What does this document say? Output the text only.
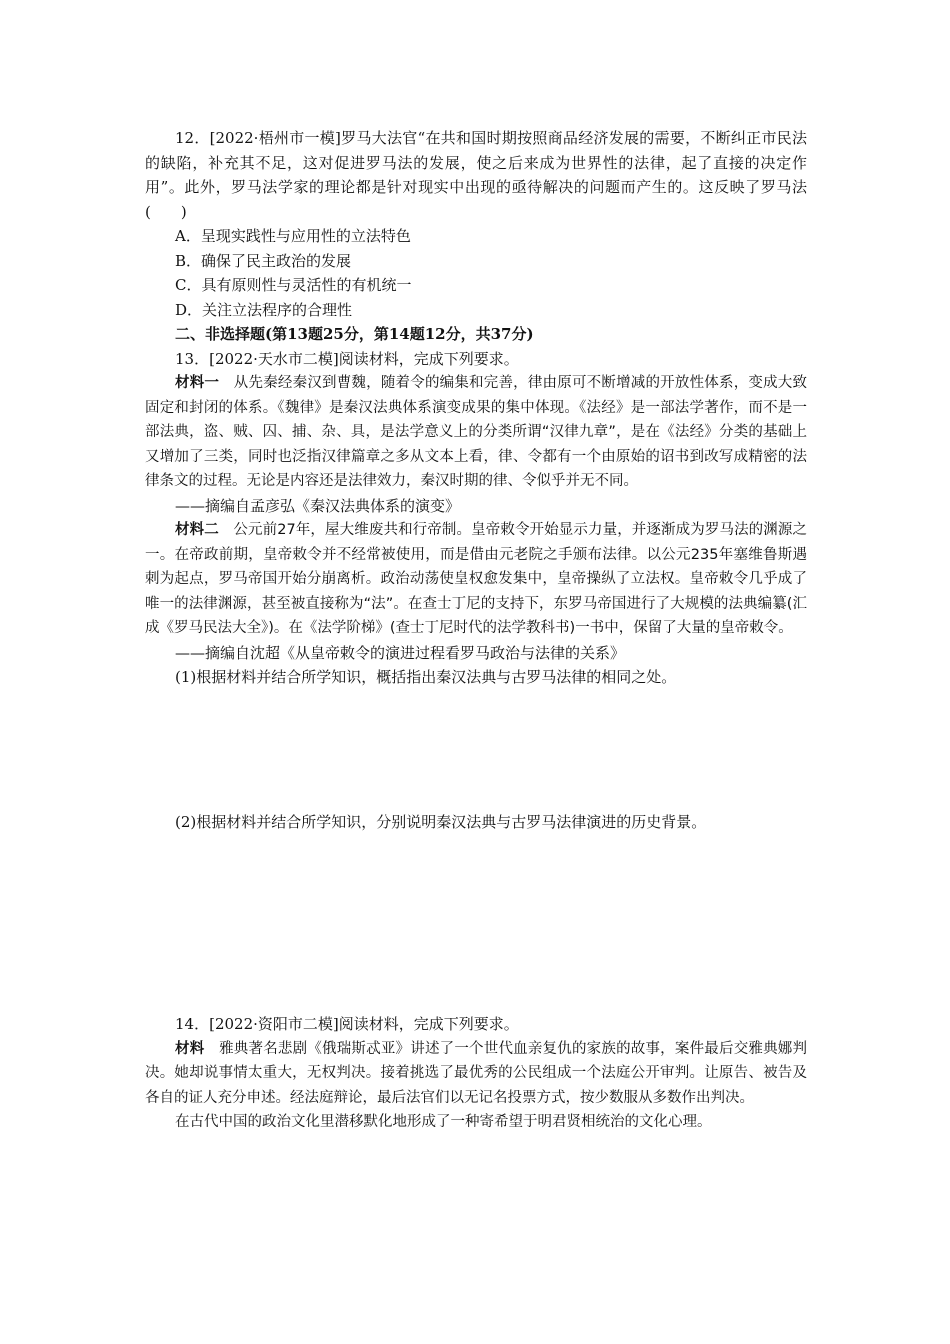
12．[2022·梧州市一模]罗马大法官“在共和国时期按照商品经济发展的需要，不断纠正市民法的缺陷，补充其不足，这对促进罗马法的发展，使之后来成为世界性的法律，起了直接的决定作用”。此外，罗马法学家的理论都是针对现实中出现的亟待解决的问题而产生的。这反映了罗马法(　　)

A．呈现实践性与应用性的立法特色

B．确保了民主政治的发展

C．具有原则性与灵活性的有机统一

D．关注立法程序的合理性

二、非选择题(第13题25分，第14题12分，共37分)

13．[2022·天水市二模]阅读材料，完成下列要求。

材料一　从先秦经秦汉到曹魏，随着令的编集和完善，律由原可不断增减的开放性体系，变成大致固定和封闭的体系。《魏律》是秦汉法典体系演变成果的集中体现。《法经》是一部法学著作，而不是一部法典，盗、贼、囚、捕、杂、具，是法学意义上的分类所谓“汉律九章”，是在《法经》分类的基础上又增加了三类，同时也泛指汉律篇章之多从文本上看，律、令都有一个由原始的诏书到改写成精密的法律条文的过程。无论是内容还是法律效力，秦汉时期的律、令似乎并无不同。

——摘编自孟彦弘《秦汉法典体系的演变》

材料二　公元前27年，屋大维废共和行帝制。皇帝敕令开始显示力量，并逐渐成为罗马法的渊源之一。在帝政前期，皇帝敕令并不经常被使用，而是借由元老院之手颁布法律。以公元235年塞维鲁斯遇刺为起点，罗马帝国开始分崩离析。政治动荡使皇权愈发集中，皇帝操纵了立法权。皇帝敕令几乎成了唯一的法律渊源，甚至被直接称为“法”。在查士丁尼的支持下，东罗马帝国进行了大规模的法典编纂(汇成《罗马民法大全》)。在《法学阶梯》(查士丁尼时代的法学教科书)一书中，保留了大量的皇帝敕令。

——摘编自沈超《从皇帝敕令的演进过程看罗马政治与法律的关系》

(1)根据材料并结合所学知识，概括指出秦汉法典与古罗马法律的相同之处。

(2)根据材料并结合所学知识，分别说明秦汉法典与古罗马法律演进的历史背景。

14．[2022·资阳市二模]阅读材料，完成下列要求。

材料　雅典著名悲剧《俄瑞斯忒亚》讲述了一个世代血亲复仇的家族的故事，案件最后交雅典娜判决。她却说事情太重大，无权判决。接着挑选了最优秀的公民组成一个法庭公开审判。让原告、被告及各自的证人充分申述。经法庭辩论，最后法官们以无记名投票方式，按少数服从多数作出判决。

在古代中国的政治文化里潜移默化地形成了一种寄希望于明君贤相统治的文化心理。
